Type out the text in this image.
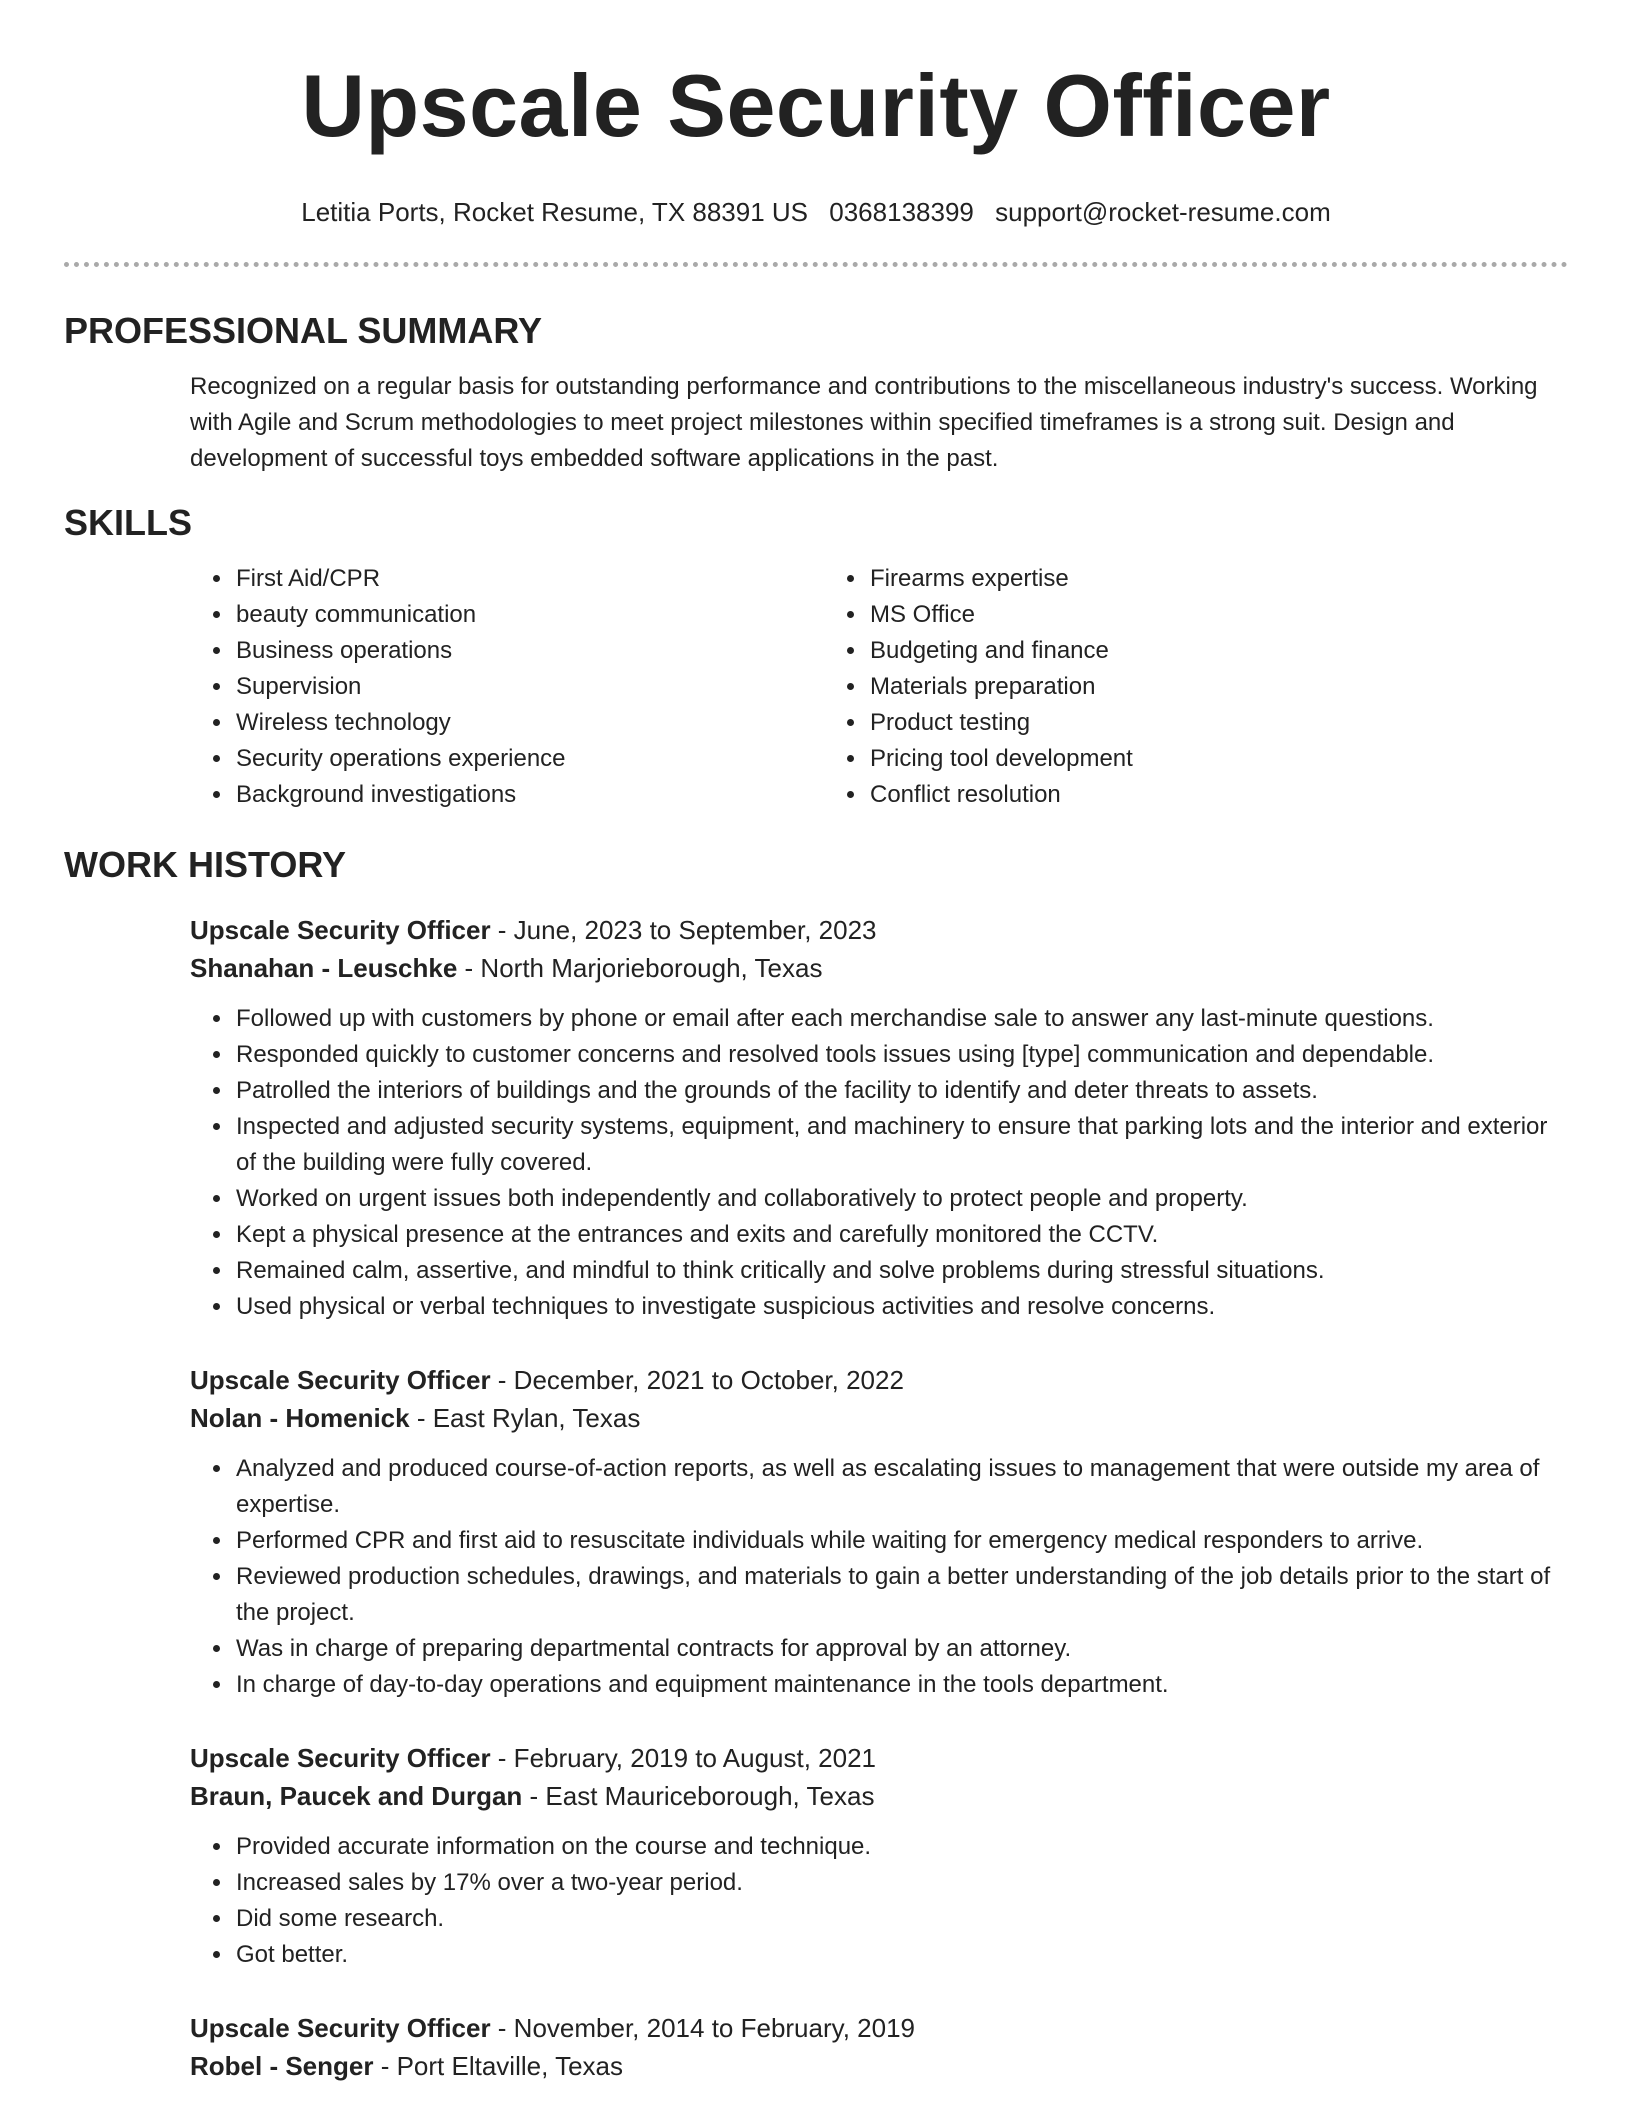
Upscale Security Officer
Letitia Ports, Rocket Resume, TX 88391 US 0368138399 support@rocket-resume.com
PROFESSIONAL SUMMARY

Recognized on a regular basis for outstanding performance and contributions to the miscellaneous industry's success. Working with Agile and Scrum methodologies to meet project milestones within specified timeframes is a strong suit. Design and development of successful toys embedded software applications in the past.

SKILLS
• First Aid/CPR
• beauty communication
• Business operations
• Supervision
• Wireless technology
• Security operations experience
• Background investigations
• Firearms expertise
• MS Office
• Budgeting and finance
• Materials preparation
• Product testing
• Pricing tool development
• Conflict resolution
WORK HISTORY
Upscale Security Officer - June, 2023 to September, 2023
Shanahan - Leuschke - North Marjorieborough, Texas
• Followed up with customers by phone or email after each merchandise sale to answer any last-minute questions.
• Responded quickly to customer concerns and resolved tools issues using [type] communication and dependable.
• Patrolled the interiors of buildings and the grounds of the facility to identify and deter threats to assets.
• Inspected and adjusted security systems, equipment, and machinery to ensure that parking lots and the interior and exterior of the building were fully covered.
• Worked on urgent issues both independently and collaboratively to protect people and property.
• Kept a physical presence at the entrances and exits and carefully monitored the CCTV.
• Remained calm, assertive, and mindful to think critically and solve problems during stressful situations.
• Used physical or verbal techniques to investigate suspicious activities and resolve concerns.
Upscale Security Officer - December, 2021 to October, 2022
Nolan - Homenick - East Rylan, Texas
• Analyzed and produced course-of-action reports, as well as escalating issues to management that were outside my area of expertise.
• Performed CPR and first aid to resuscitate individuals while waiting for emergency medical responders to arrive.
• Reviewed production schedules, drawings, and materials to gain a better understanding of the job details prior to the start of the project.
• Was in charge of preparing departmental contracts for approval by an attorney.
• In charge of day-to-day operations and equipment maintenance in the tools department.
Upscale Security Officer - February, 2019 to August, 2021
Braun, Paucek and Durgan - East Mauriceborough, Texas
• Provided accurate information on the course and technique.
• Increased sales by 17% over a two-year period.
• Did some research.
• Got better.
Upscale Security Officer - November, 2014 to February, 2019
Robel - Senger - Port Eltaville, Texas
